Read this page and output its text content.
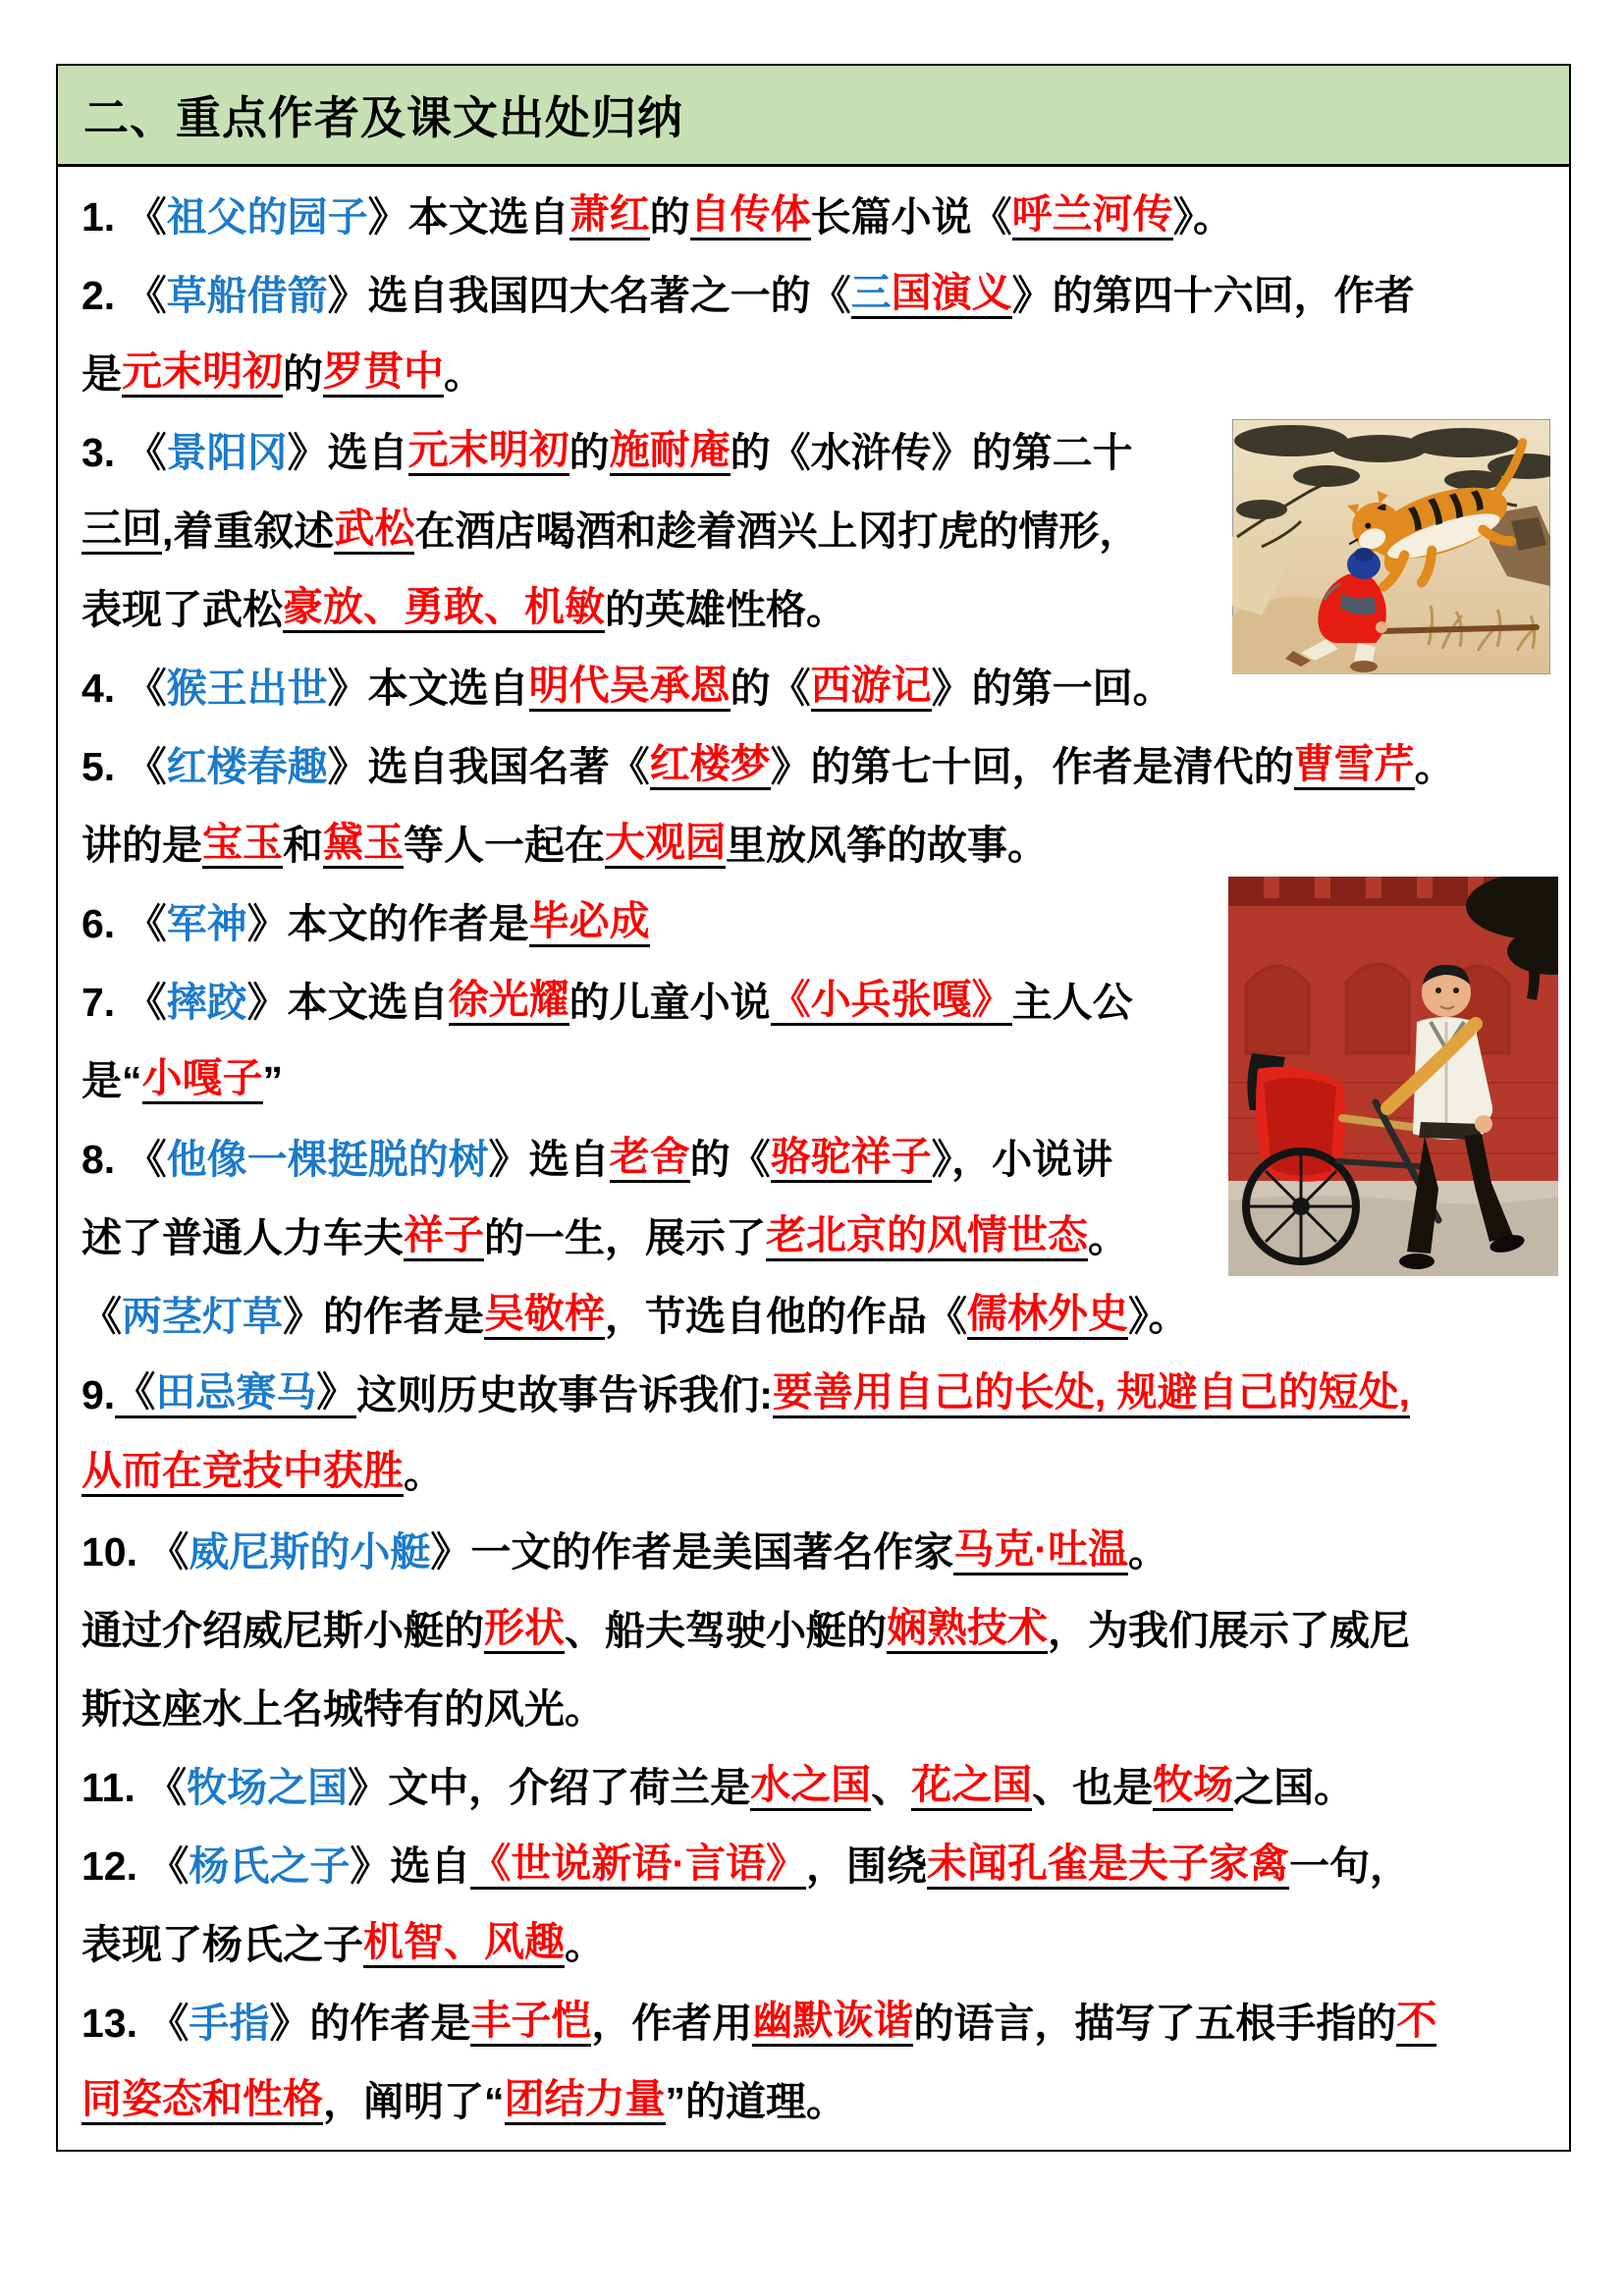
二、重点作者及课文出处归纳
1. 《 祖父的园子 》本文选自 萧红 的 自传体 长篇小说《 呼兰河传 》。
2. 《 草船借箭 》选自我国四大名著之一的《 三 国演义 》的第四十六回，作者
是 元末明初 的 罗贯中 。
3. 《 景阳冈 》选自 元末明初 的 施耐庵 的《水浒传》的第二十
三回 ,着重叙述 武松 在酒店喝酒和趁着酒兴上冈打虎的情形，
表现了武松 豪放、勇敢、机敏 的英雄性格。
4. 《 猴王出世 》本文选自 明代吴承恩 的《 西游记 》的第一回。
5. 《 红楼春趣 》选自我国名著《 红楼梦 》的第七十回，作者是清代的 曹雪芹 。
讲的是 宝玉 和 黛玉 等人一起在 大观园 里放风筝的故事。
6. 《 军神 》本文的作者是 毕必成
7. 《 摔跤 》本文选自 徐光耀 的儿童小说 《小兵张嘎》 主人公
是“ 小嘎子 ”
8. 《 他像一棵挺脱的树 》选自 老舍 的《 骆驼祥子 》，小说讲
述了普通人力车夫 祥子 的一生，展示了 老北京的风情世态 。
《 两茎灯草 》的作者是 吴敬梓 ，节选自他的作品《 儒林外史 》。
9. 《 田忌赛马 》 这则历史故事告诉我们: 要善用自己的长处, 规避自己的短处,
从而在竞技中获胜 。
10. 《 威尼斯的小艇 》一文的作者是美国著名作家 马克·吐温 。
通过介绍威尼斯小艇的 形状 、船夫驾驶小艇的 娴熟技术 ，为我们展示了威尼
斯这座水上名城特有的风光。
11. 《 牧场之国 》文中，介绍了荷兰是 水之国 、 花之国 、也是 牧场 之国。
12. 《 杨氏之子 》选自 《世说新语·言语》 ，围绕 未闻孔雀是夫子家禽 一句，
表现了杨氏之子 机智、风趣 。
13. 《 手指 》的作者是 丰子恺 ，作者用 幽默诙谐 的语言，描写了五根手指的 不
同姿态和性格 ，阐明了“ 团结力量 ”的道理。
